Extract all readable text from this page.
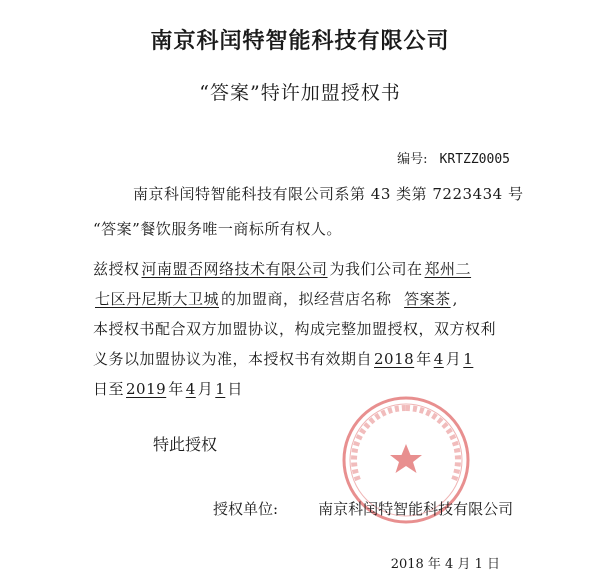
南京科闰特智能科技有限公司
“答案”特许加盟授权书
编号: KRTZZ0005
南京科闰特智能科技有限公司系第 43 类第 7223434 号
“答案”餐饮服务唯一商标所有权人。
兹授权 河南盟否网络技术有限公司 为我们公司在 郑州二
七区丹尼斯大卫城 的加盟商，拟经营店名称 答案茶 ,
本授权书配合双方加盟协议，构成完整加盟授权，双方权利
义务以加盟协议为准，本授权书有效期自 2018 年 4 月 1
日至 2019 年 4 月 1 日
特此授权
授权单位:	南京科闰特智能科技有限公司
2018 年 4 月 1 日
